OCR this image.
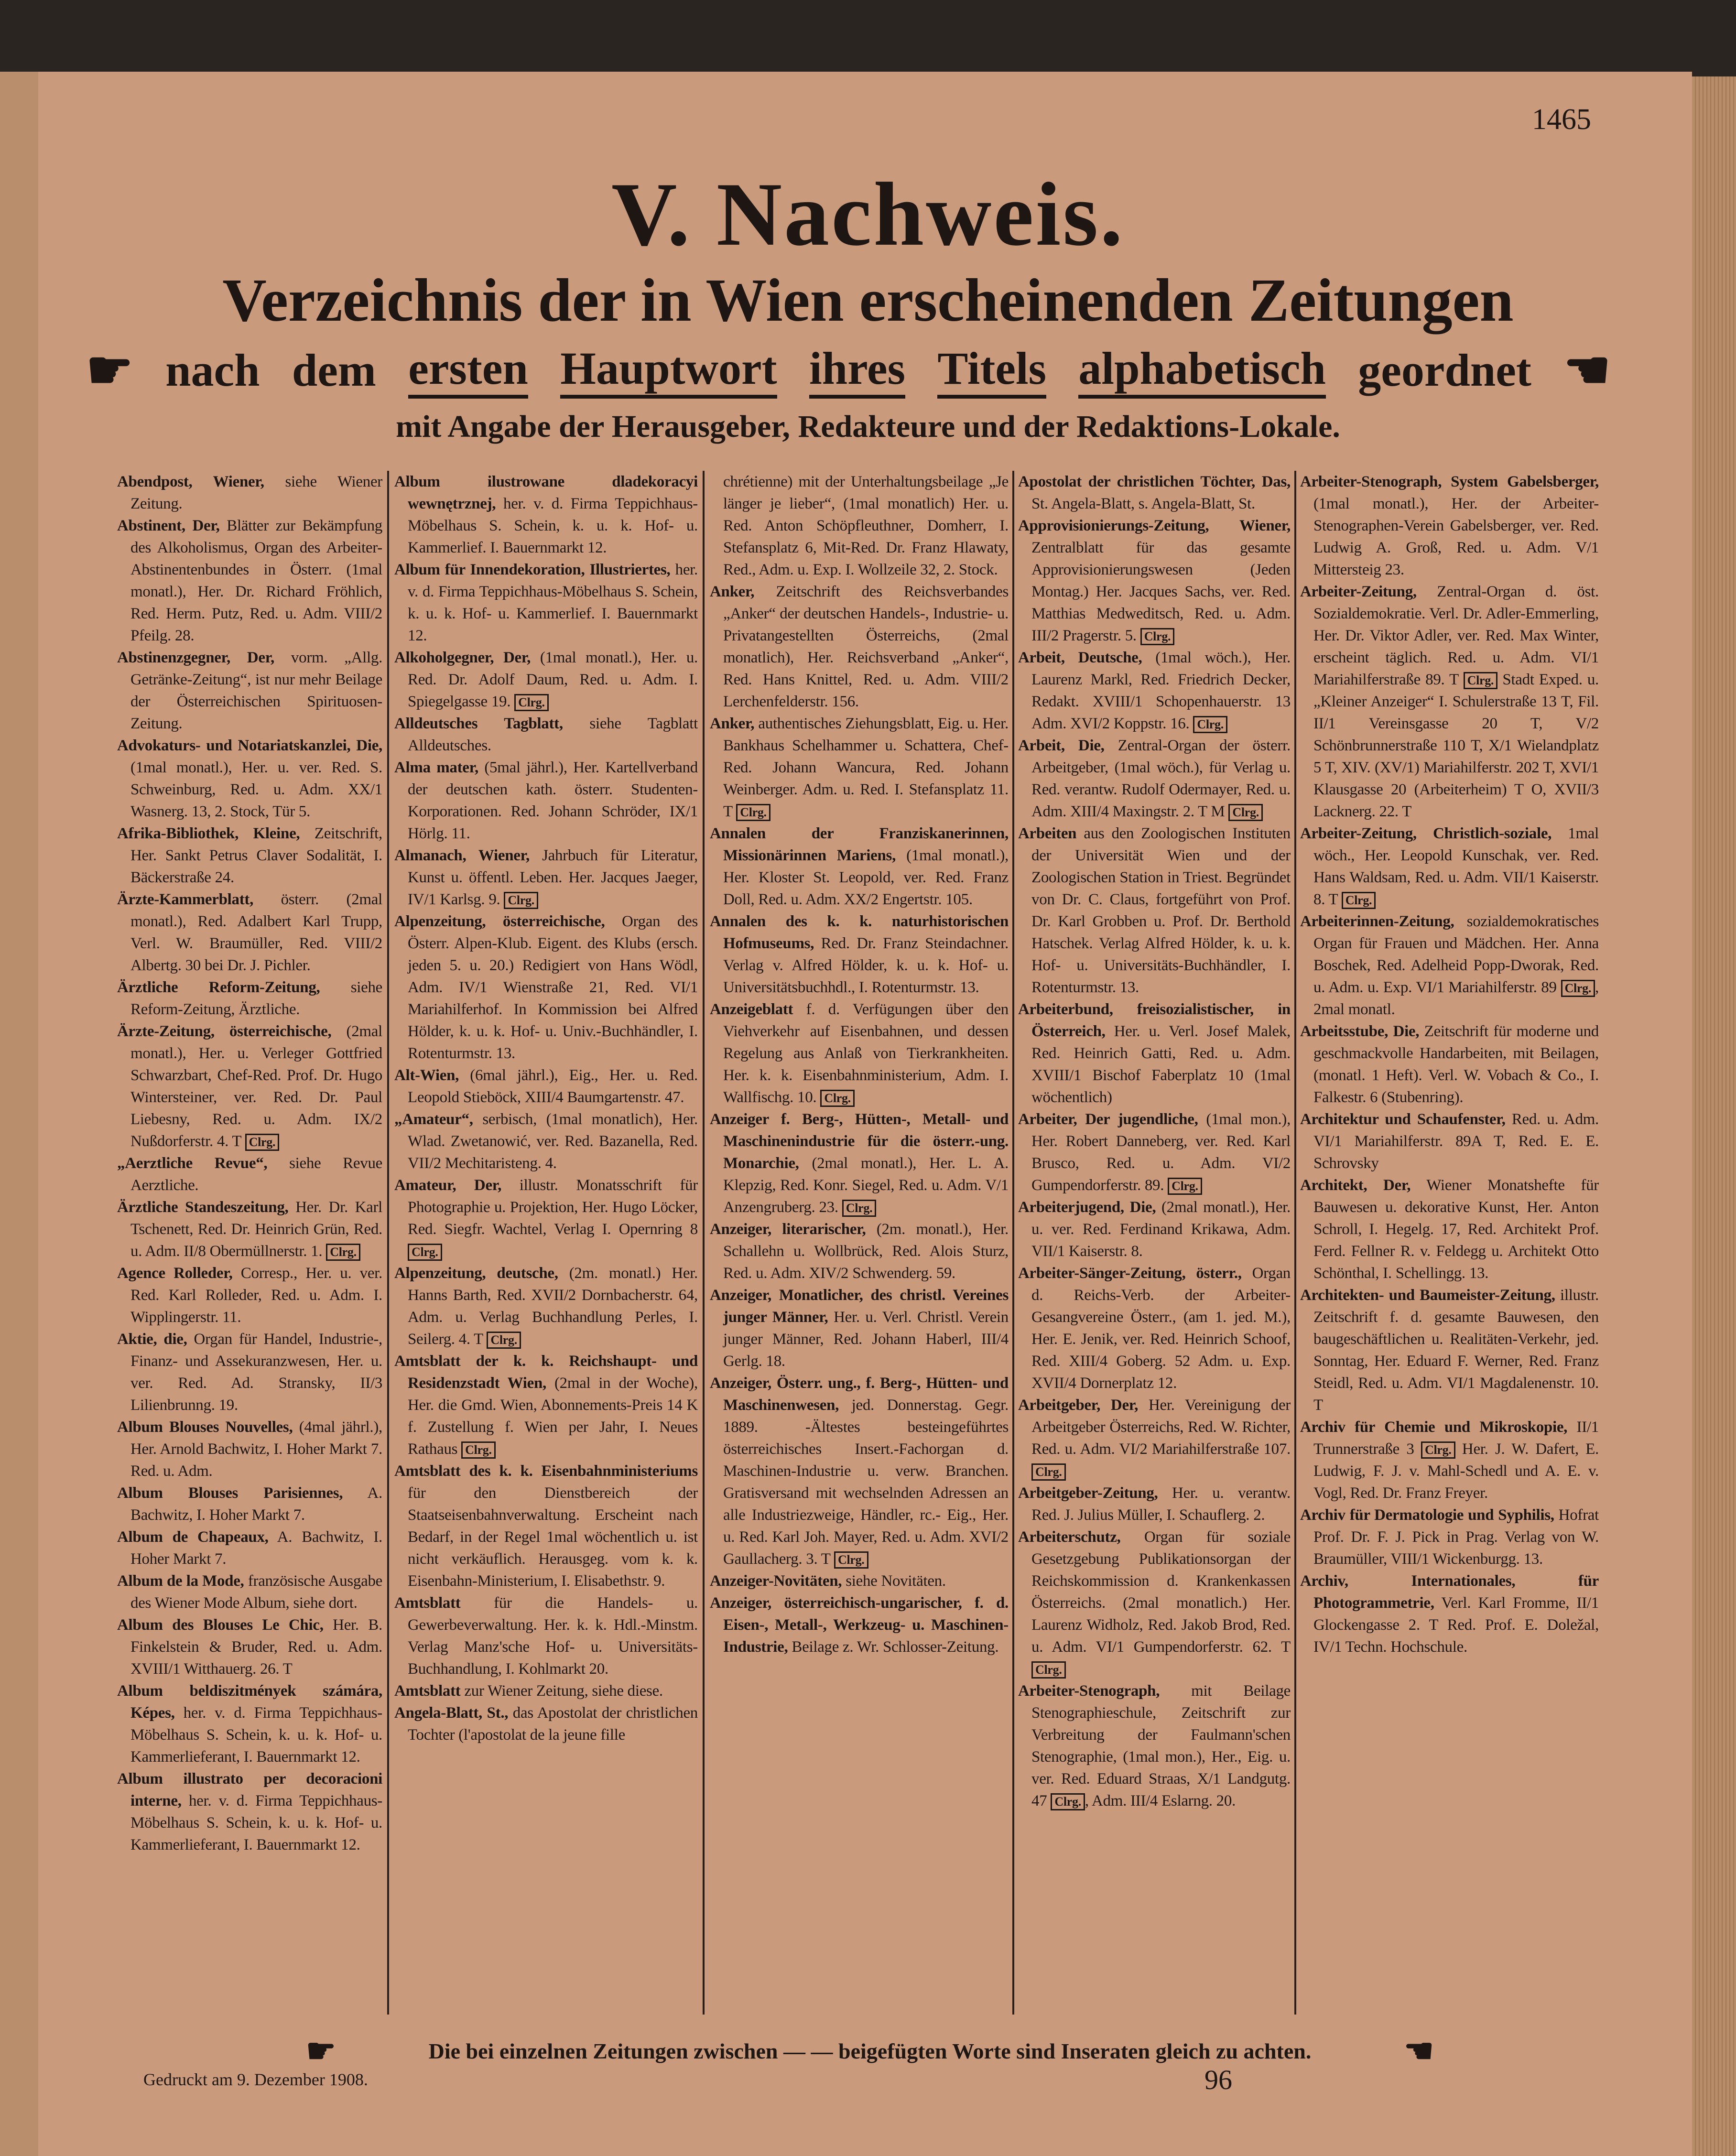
1465
V. Nachweis.
Verzeichnis der in Wien erscheinenden Zeitungen
☛ nach dem ersten Hauptwort ihres Titels alphabetisch geordnet ☚
mit Angabe der Herausgeber, Redakteure und der Redaktions-Lokale.

Abendpost, Wiener, siehe Wiener Zeitung.

Abstinent, Der, Blätter zur Bekämpfung des Alkoholismus, Organ des Arbeiter-Abstinentenbundes in Österr. (1mal monatl.), Her. Dr. Richard Fröhlich, Red. Herm. Putz, Red. u. Adm. VIII/2 Pfeilg. 28.

Abstinenzgegner, Der, vorm. „Allg. Getränke-Zeitung“, ist nur mehr Beilage der Österreichischen Spirituosen-Zeitung.

Advokaturs- und Notariatskanzlei, Die, (1mal monatl.), Her. u. ver. Red. S. Schweinburg, Red. u. Adm. XX/1 Wasnerg. 13, 2. Stock, Tür 5.

Afrika-Bibliothek, Kleine, Zeitschrift, Her. Sankt Petrus Claver Sodalität, I. Bäckerstraße 24.

Ärzte-Kammerblatt, österr. (2mal monatl.), Red. Adalbert Karl Trupp, Verl. W. Braumüller, Red. VIII/2 Albertg. 30 bei Dr. J. Pichler.

Ärztliche Reform-Zeitung, siehe Reform-Zeitung, Ärztliche.

Ärzte-Zeitung, österreichische, (2mal monatl.), Her. u. Verleger Gottfried Schwarzbart, Chef-Red. Prof. Dr. Hugo Wintersteiner, ver. Red. Dr. Paul Liebesny, Red. u. Adm. IX/2 Nußdorferstr. 4. T Clrg.

„Aerztliche Revue“, siehe Revue Aerztliche.

Ärztliche Standeszeitung, Her. Dr. Karl Tschenett, Red. Dr. Heinrich Grün, Red. u. Adm. II/8 Obermüllnerstr. 1. Clrg.

Agence Rolleder, Corresp., Her. u. ver. Red. Karl Rolleder, Red. u. Adm. I. Wipplingerstr. 11.

Aktie, die, Organ für Handel, Industrie-, Finanz- und Assekuranzwesen, Her. u. ver. Red. Ad. Stransky, II/3 Lilienbrunng. 19.

Album Blouses Nouvelles, (4mal jährl.), Her. Arnold Bachwitz, I. Hoher Markt 7. Red. u. Adm.

Album Blouses Parisiennes, A. Bachwitz, I. Hoher Markt 7.

Album de Chapeaux, A. Bachwitz, I. Hoher Markt 7.

Album de la Mode, französische Ausgabe des Wiener Mode Album, siehe dort.

Album des Blouses Le Chic, Her. B. Finkelstein & Bruder, Red. u. Adm. XVIII/1 Witthauerg. 26. T

Album beldiszitmények számára, Képes, her. v. d. Firma Teppichhaus-Möbelhaus S. Schein, k. u. k. Hof- u. Kammerlieferant, I. Bauernmarkt 12.

Album illustrato per decoracioni interne, her. v. d. Firma Teppichhaus-Möbelhaus S. Schein, k. u. k. Hof- u. Kammerlieferant, I. Bauernmarkt 12.

Album ilustrowane dladekoracyi wewnętrznej, her. v. d. Firma Teppichhaus-Möbelhaus S. Schein, k. u. k. Hof- u. Kammerlief. I. Bauernmarkt 12.

Album für Innendekoration, Illustriertes, her. v. d. Firma Teppichhaus-Möbelhaus S. Schein, k. u. k. Hof- u. Kammerlief. I. Bauernmarkt 12.

Alkoholgegner, Der, (1mal monatl.), Her. u. Red. Dr. Adolf Daum, Red. u. Adm. I. Spiegelgasse 19. Clrg.

Alldeutsches Tagblatt, siehe Tagblatt Alldeutsches.

Alma mater, (5mal jährl.), Her. Kartellverband der deutschen kath. österr. Studenten-Korporationen. Red. Johann Schröder, IX/1 Hörlg. 11.

Almanach, Wiener, Jahrbuch für Literatur, Kunst u. öffentl. Leben. Her. Jacques Jaeger, IV/1 Karlsg. 9. Clrg.

Alpenzeitung, österreichische, Organ des Österr. Alpen-Klub. Eigent. des Klubs (ersch. jeden 5. u. 20.) Redigiert von Hans Wödl, Adm. IV/1 Wienstraße 21, Red. VI/1 Mariahilferhof. In Kommission bei Alfred Hölder, k. u. k. Hof- u. Univ.-Buchhändler, I. Rotenturmstr. 13.

Alt-Wien, (6mal jährl.), Eig., Her. u. Red. Leopold Stieböck, XIII/4 Baumgartenstr. 47.

„Amateur“, serbisch, (1mal monatlich), Her. Wlad. Zwetanowić, ver. Red. Bazanella, Red. VII/2 Mechitaristeng. 4.

Amateur, Der, illustr. Monatsschrift für Photographie u. Projektion, Her. Hugo Löcker, Red. Siegfr. Wachtel, Verlag I. Opernring 8 Clrg.

Alpenzeitung, deutsche, (2m. monatl.) Her. Hanns Barth, Red. XVII/2 Dornbacherstr. 64, Adm. u. Verlag Buchhandlung Perles, I. Seilerg. 4. T Clrg.

Amtsblatt der k. k. Reichshaupt- und Residenzstadt Wien, (2mal in der Woche), Her. die Gmd. Wien, Abonnements-Preis 14 K f. Zustellung f. Wien per Jahr, I. Neues Rathaus Clrg.

Amtsblatt des k. k. Eisenbahnministeriums für den Dienstbereich der Staatseisenbahnverwaltung. Erscheint nach Bedarf, in der Regel 1mal wöchentlich u. ist nicht verkäuflich. Herausgeg. vom k. k. Eisenbahn-Ministerium, I. Elisabethstr. 9.

Amtsblatt für die Handels- u. Gewerbeverwaltung. Her. k. k. Hdl.-Minstm. Verlag Manz'sche Hof- u. Universitäts-Buchhandlung, I. Kohlmarkt 20.

Amtsblatt zur Wiener Zeitung, siehe diese.

Angela-Blatt, St., das Apostolat der christlichen Tochter (l'apostolat de la jeune fille

chrétienne) mit der Unterhaltungsbeilage „Je länger je lieber“, (1mal monatlich) Her. u. Red. Anton Schöpfleuthner, Domherr, I. Stefansplatz 6, Mit-Red. Dr. Franz Hlawaty, Red., Adm. u. Exp. I. Wollzeile 32, 2. Stock.

Anker, Zeitschrift des Reichsverbandes „Anker“ der deutschen Handels-, Industrie- u. Privatangestellten Österreichs, (2mal monatlich), Her. Reichsverband „Anker“, Red. Hans Knittel, Red. u. Adm. VIII/2 Lerchenfelderstr. 156.

Anker, authentisches Ziehungsblatt, Eig. u. Her. Bankhaus Schelhammer u. Schattera, Chef-Red. Johann Wancura, Red. Johann Weinberger. Adm. u. Red. I. Stefansplatz 11. T Clrg.

Annalen der Franziskanerinnen, Missionärinnen Mariens, (1mal monatl.), Her. Kloster St. Leopold, ver. Red. Franz Doll, Red. u. Adm. XX/2 Engertstr. 105.

Annalen des k. k. naturhistorischen Hofmuseums, Red. Dr. Franz Steindachner. Verlag v. Alfred Hölder, k. u. k. Hof- u. Universitätsbuchhdl., I. Rotenturmstr. 13.

Anzeigeblatt f. d. Verfügungen über den Viehverkehr auf Eisenbahnen, und dessen Regelung aus Anlaß von Tierkrankheiten. Her. k. k. Eisenbahnministerium, Adm. I. Wallfischg. 10. Clrg.

Anzeiger f. Berg-, Hütten-, Metall- und Maschinenindustrie für die österr.-ung. Monarchie, (2mal monatl.), Her. L. A. Klepzig, Red. Konr. Siegel, Red. u. Adm. V/1 Anzengruberg. 23. Clrg.

Anzeiger, literarischer, (2m. monatl.), Her. Schallehn u. Wollbrück, Red. Alois Sturz, Red. u. Adm. XIV/2 Schwenderg. 59.

Anzeiger, Monatlicher, des christl. Vereines junger Männer, Her. u. Verl. Christl. Verein junger Männer, Red. Johann Haberl, III/4 Gerlg. 18.

Anzeiger, Österr. ung., f. Berg-, Hütten- und Maschinenwesen, jed. Donnerstag. Gegr. 1889. -Ältestes besteingeführtes österreichisches Insert.-Fachorgan d. Maschinen-Industrie u. verw. Branchen. Gratisversand mit wechselnden Adressen an alle Industriezweige, Händler, rc.- Eig., Her. u. Red. Karl Joh. Mayer, Red. u. Adm. XVI/2 Gaullacherg. 3. T Clrg.

Anzeiger-Novitäten, siehe Novitäten.

Anzeiger, österreichisch-ungarischer, f. d. Eisen-, Metall-, Werkzeug- u. Maschinen-Industrie, Beilage z. Wr. Schlosser-Zeitung.

Apostolat der christlichen Töchter, Das, St. Angela-Blatt, s. Angela-Blatt, St.

Approvisionierungs-Zeitung, Wiener, Zentralblatt für das gesamte Approvisionierungswesen (Jeden Montag.) Her. Jacques Sachs, ver. Red. Matthias Medweditsch, Red. u. Adm. III/2 Pragerstr. 5. Clrg.

Arbeit, Deutsche, (1mal wöch.), Her. Laurenz Markl, Red. Friedrich Decker, Redakt. XVIII/1 Schopenhauerstr. 13 Adm. XVI/2 Koppstr. 16. Clrg.

Arbeit, Die, Zentral-Organ der österr. Arbeitgeber, (1mal wöch.), für Verlag u. Red. verantw. Rudolf Odermayer, Red. u. Adm. XIII/4 Maxingstr. 2. T M Clrg.

Arbeiten aus den Zoologischen Instituten der Universität Wien und der Zoologischen Station in Triest. Begründet von Dr. C. Claus, fortgeführt von Prof. Dr. Karl Grobben u. Prof. Dr. Berthold Hatschek. Verlag Alfred Hölder, k. u. k. Hof- u. Universitäts-Buchhändler, I. Rotenturmstr. 13.

Arbeiterbund, freisozialistischer, in Österreich, Her. u. Verl. Josef Malek, Red. Heinrich Gatti, Red. u. Adm. XVIII/1 Bischof Faberplatz 10 (1mal wöchentlich)

Arbeiter, Der jugendliche, (1mal mon.), Her. Robert Danneberg, ver. Red. Karl Brusco, Red. u. Adm. VI/2 Gumpendorferstr. 89. Clrg.

Arbeiterjugend, Die, (2mal monatl.), Her. u. ver. Red. Ferdinand Krikawa, Adm. VII/1 Kaiserstr. 8.

Arbeiter-Sänger-Zeitung, österr., Organ d. Reichs-Verb. der Arbeiter-Gesangvereine Österr., (am 1. jed. M.), Her. E. Jenik, ver. Red. Heinrich Schoof, Red. XIII/4 Goberg. 52 Adm. u. Exp. XVII/4 Dornerplatz 12.

Arbeitgeber, Der, Her. Vereinigung der Arbeitgeber Österreichs, Red. W. Richter, Red. u. Adm. VI/2 Mariahilferstraße 107. Clrg.

Arbeitgeber-Zeitung, Her. u. verantw. Red. J. Julius Müller, I. Schauflerg. 2.

Arbeiterschutz, Organ für soziale Gesetzgebung Publikationsorgan der Reichskommission d. Krankenkassen Österreichs. (2mal monatlich.) Her. Laurenz Widholz, Red. Jakob Brod, Red. u. Adm. VI/1 Gumpendorferstr. 62. T Clrg.

Arbeiter-Stenograph, mit Beilage Stenographieschule, Zeitschrift zur Verbreitung der Faulmann'schen Stenographie, (1mal mon.), Her., Eig. u. ver. Red. Eduard Straas, X/1 Landgutg. 47 Clrg. , Adm. III/4 Eslarng. 20.

Arbeiter-Stenograph, System Gabelsberger, (1mal monatl.), Her. der Arbeiter-Stenographen-Verein Gabelsberger, ver. Red. Ludwig A. Groß, Red. u. Adm. V/1 Mittersteig 23.

Arbeiter-Zeitung, Zentral-Organ d. öst. Sozialdemokratie. Verl. Dr. Adler-Emmerling, Her. Dr. Viktor Adler, ver. Red. Max Winter, erscheint täglich. Red. u. Adm. VI/1 Mariahilferstraße 89. T Clrg. Stadt Exped. u. „Kleiner Anzeiger“ I. Schulerstraße 13 T, Fil. II/1 Vereinsgasse 20 T, V/2 Schönbrunnerstraße 110 T, X/1 Wielandplatz 5 T, XIV. (XV/1) Mariahilferstr. 202 T, XVI/1 Klausgasse 20 (Arbeiterheim) T O, XVII/3 Lacknerg. 22. T

Arbeiter-Zeitung, Christlich-soziale, 1mal wöch., Her. Leopold Kunschak, ver. Red. Hans Waldsam, Red. u. Adm. VII/1 Kaiserstr. 8. T Clrg.

Arbeiterinnen-Zeitung, sozialdemokratisches Organ für Frauen und Mädchen. Her. Anna Boschek, Red. Adelheid Popp-Dworak, Red. u. Adm. u. Exp. VI/1 Mariahilferstr. 89 Clrg. , 2mal monatl.

Arbeitsstube, Die, Zeitschrift für moderne und geschmackvolle Handarbeiten, mit Beilagen, (monatl. 1 Heft). Verl. W. Vobach & Co., I. Falkestr. 6 (Stubenring).

Architektur und Schaufenster, Red. u. Adm. VI/1 Mariahilferstr. 89A T, Red. E. E. Schrovsky

Architekt, Der, Wiener Monatshefte für Bauwesen u. dekorative Kunst, Her. Anton Schroll, I. Hegelg. 17, Red. Architekt Prof. Ferd. Fellner R. v. Feldegg u. Architekt Otto Schönthal, I. Schellingg. 13.

Architekten- und Baumeister-Zeitung, illustr. Zeitschrift f. d. gesamte Bauwesen, den baugeschäftlichen u. Realitäten-Verkehr, jed. Sonntag, Her. Eduard F. Werner, Red. Franz Steidl, Red. u. Adm. VI/1 Magdalenenstr. 10. T

Archiv für Chemie und Mikroskopie, II/1 Trunnerstraße 3 Clrg. Her. J. W. Dafert, E. Ludwig, F. J. v. Mahl-Schedl und A. E. v. Vogl, Red. Dr. Franz Freyer.

Archiv für Dermatologie und Syphilis, Hofrat Prof. Dr. F. J. Pick in Prag. Verlag von W. Braumüller, VIII/1 Wickenburgg. 13.

Archiv, Internationales, für Photogrammetrie, Verl. Karl Fromme, II/1 Glockengasse 2. T Red. Prof. E. Doležal, IV/1 Techn. Hochschule.

☛	Die bei einzelnen Zeitungen zwischen — — beigefügten Worte sind Inseraten gleich zu achten.	☚
Gedruckt am 9. Dezember 1908.	96
